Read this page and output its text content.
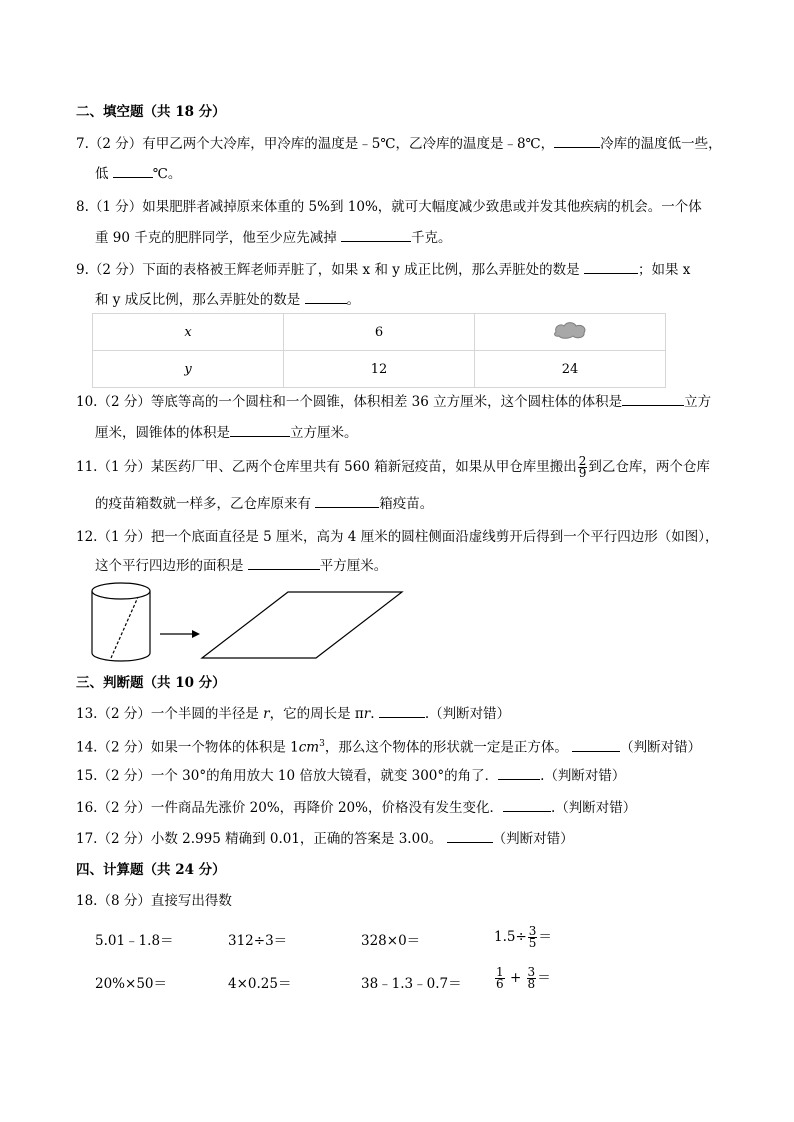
二、填空题（共 18 分）
7.（2 分）有甲乙两个大冷库，甲冷库的温度是﹣5℃，乙冷库的温度是﹣8℃，	冷库的温度低一些，
低	℃。
8.（1 分）如果肥胖者减掉原来体重的 5%到 10%，就可大幅度减少致患或并发其他疾病的机会。一个体
重 90 千克的肥胖同学，他至少应先减掉	千克。
9.（2 分）下面的表格被王辉老师弄脏了，如果 x 和 y 成正比例，那么弄脏处的数是	；如果 x
和 y 成反比例，那么弄脏处的数是	。
x	6	
y	12	24
10.（2 分）等底等高的一个圆柱和一个圆锥，体积相差 36 立方厘米，这个圆柱体的体积是	立方
厘米，圆锥体的体积是	立方厘米。
11.（1 分）某医药厂甲、乙两个仓库里共有 560 箱新冠疫苗，如果从甲仓库里搬出 $\frac{2}{9}$ 到乙仓库，两个仓库
的疫苗箱数就一样多，乙仓库原来有	箱疫苗。
12.（1 分）把一个底面直径是 5 厘米，高为 4 厘米的圆柱侧面沿虚线剪开后得到一个平行四边形（如图），
这个平行四边形的面积是	平方厘米。
三、判断题（共 10 分）
13.（2 分）一个半圆的半径是 r，它的周长是 πr.	.（判断对错）
14.（2 分）如果一个物体的体积是 $1cm^3$，那么这个物体的形状就一定是正方体。	（判断对错）
15.（2 分）一个 30°的角用放大 10 倍放大镜看，就变 300°的角了．	.（判断对错）
16.（2 分）一件商品先涨价 20%，再降价 20%，价格没有发生变化．	.（判断对错）
17.（2 分）小数 2.995 精确到 0.01，正确的答案是 3.00。	（判断对错）
四、计算题（共 24 分）
18.（8 分）直接写出得数
5.01﹣1.8＝	312÷3＝	328×0＝	$1.5\div \frac{3}{5}$ ＝
20%×50＝	4×0.25＝	38﹣1.3﹣0.7＝	$\frac{1}{6} + \frac{3}{8}$ ＝
